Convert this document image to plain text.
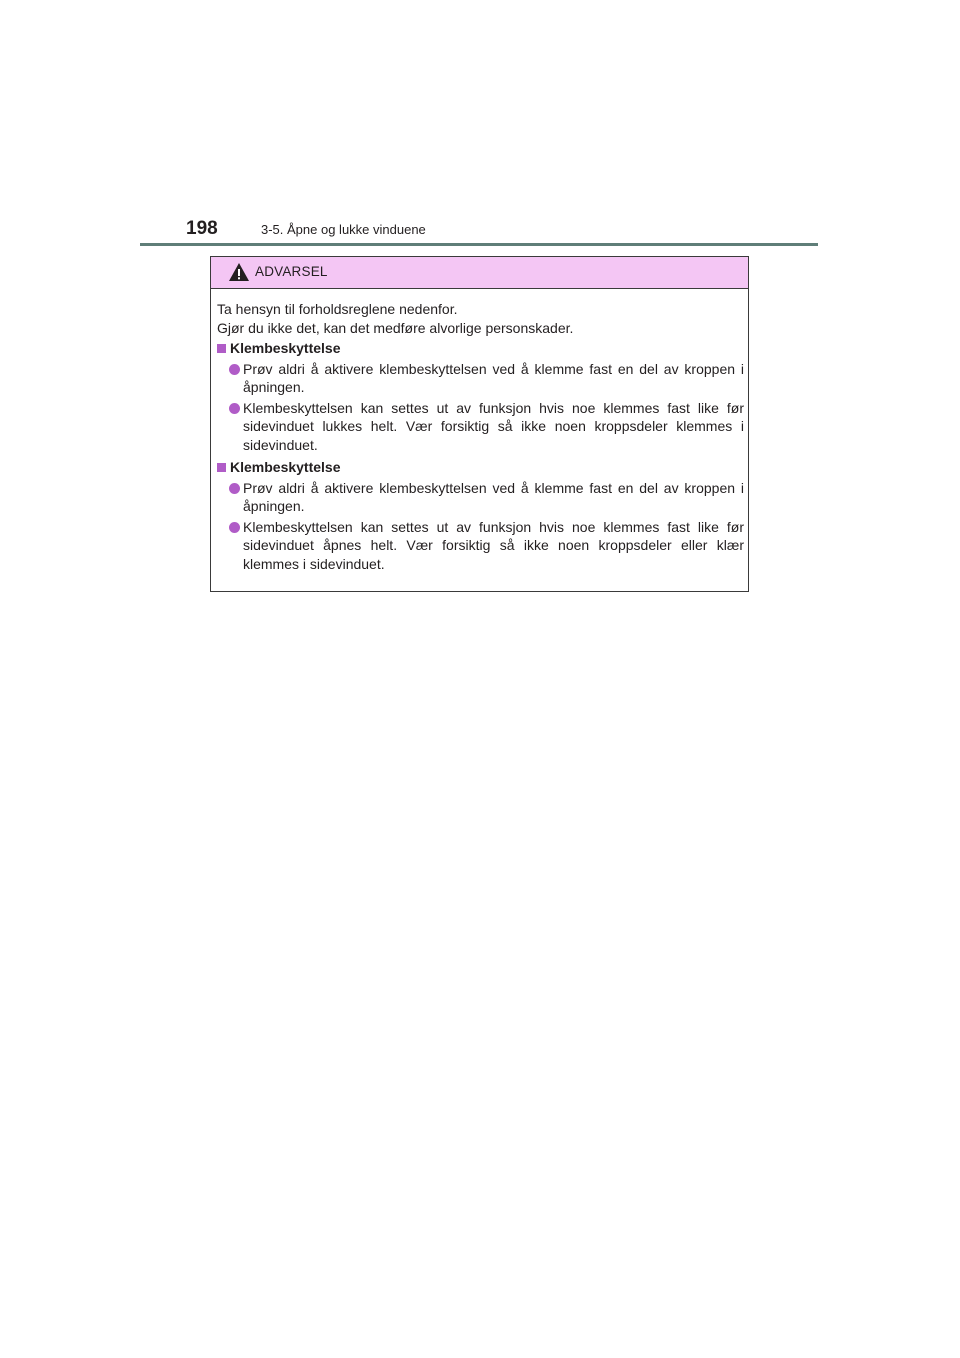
198	3-5. Åpne og lukke vinduene
ADVARSEL

Ta hensyn til forholdsreglene nedenfor.

Gjør du ikke det, kan det medføre alvorlige personskader.

Klembeskyttelse

Prøv aldri å aktivere klembeskyttelsen ved å klemme fast en del av kroppen i åpningen.

Klembeskyttelsen kan settes ut av funksjon hvis noe klemmes fast like før sidevinduet lukkes helt. Vær forsiktig så ikke noen kroppsdeler klemmes i sidevinduet.

Klembeskyttelse

Prøv aldri å aktivere klembeskyttelsen ved å klemme fast en del av kroppen i åpningen.

Klembeskyttelsen kan settes ut av funksjon hvis noe klemmes fast like før sidevinduet åpnes helt. Vær forsiktig så ikke noen kroppsdeler eller klær klemmes i sidevinduet.
